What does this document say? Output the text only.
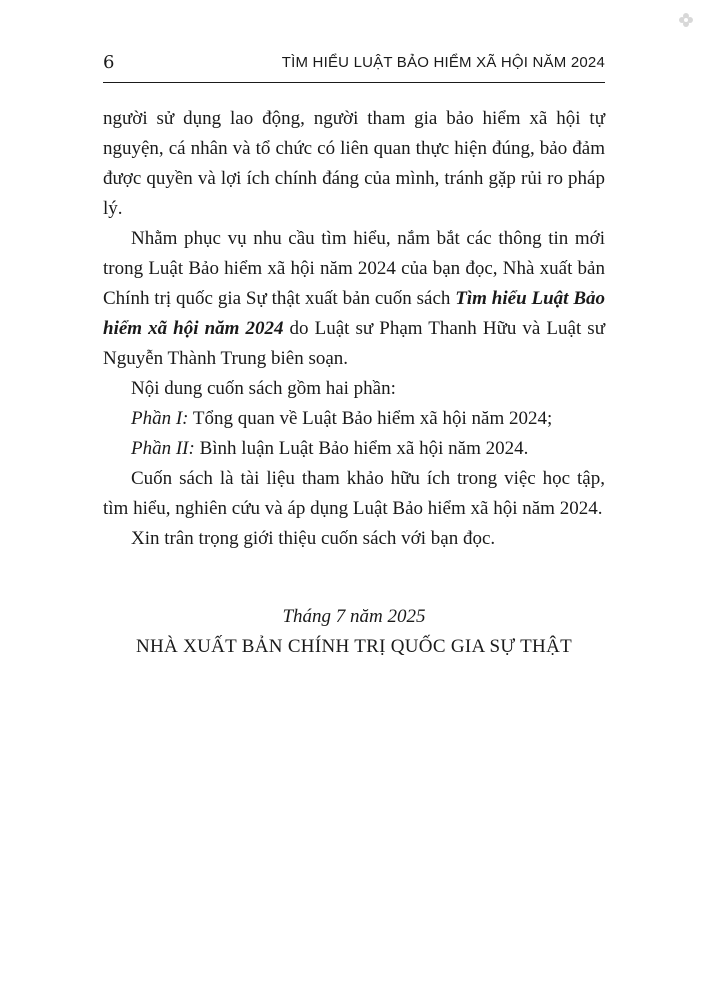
6	TÌM HIỂU LUẬT BẢO HIỂM XÃ HỘI NĂM 2024

người sử dụng lao động, người tham gia bảo hiểm xã hội tự nguyện, cá nhân và tổ chức có liên quan thực hiện đúng, bảo đảm được quyền và lợi ích chính đáng của mình, tránh gặp rủi ro pháp lý.

Nhằm phục vụ nhu cầu tìm hiểu, nắm bắt các thông tin mới trong Luật Bảo hiểm xã hội năm 2024 của bạn đọc, Nhà xuất bản Chính trị quốc gia Sự thật xuất bản cuốn sách Tìm hiểu Luật Bảo hiểm xã hội năm 2024 do Luật sư Phạm Thanh Hữu và Luật sư Nguyễn Thành Trung biên soạn.

Nội dung cuốn sách gồm hai phần:

Phần I: Tổng quan về Luật Bảo hiểm xã hội năm 2024;

Phần II: Bình luận Luật Bảo hiểm xã hội năm 2024.

Cuốn sách là tài liệu tham khảo hữu ích trong việc học tập, tìm hiểu, nghiên cứu và áp dụng Luật Bảo hiểm xã hội năm 2024.

Xin trân trọng giới thiệu cuốn sách với bạn đọc.

Tháng 7 năm 2025
NHÀ XUẤT BẢN CHÍNH TRỊ QUỐC GIA SỰ THẬT
